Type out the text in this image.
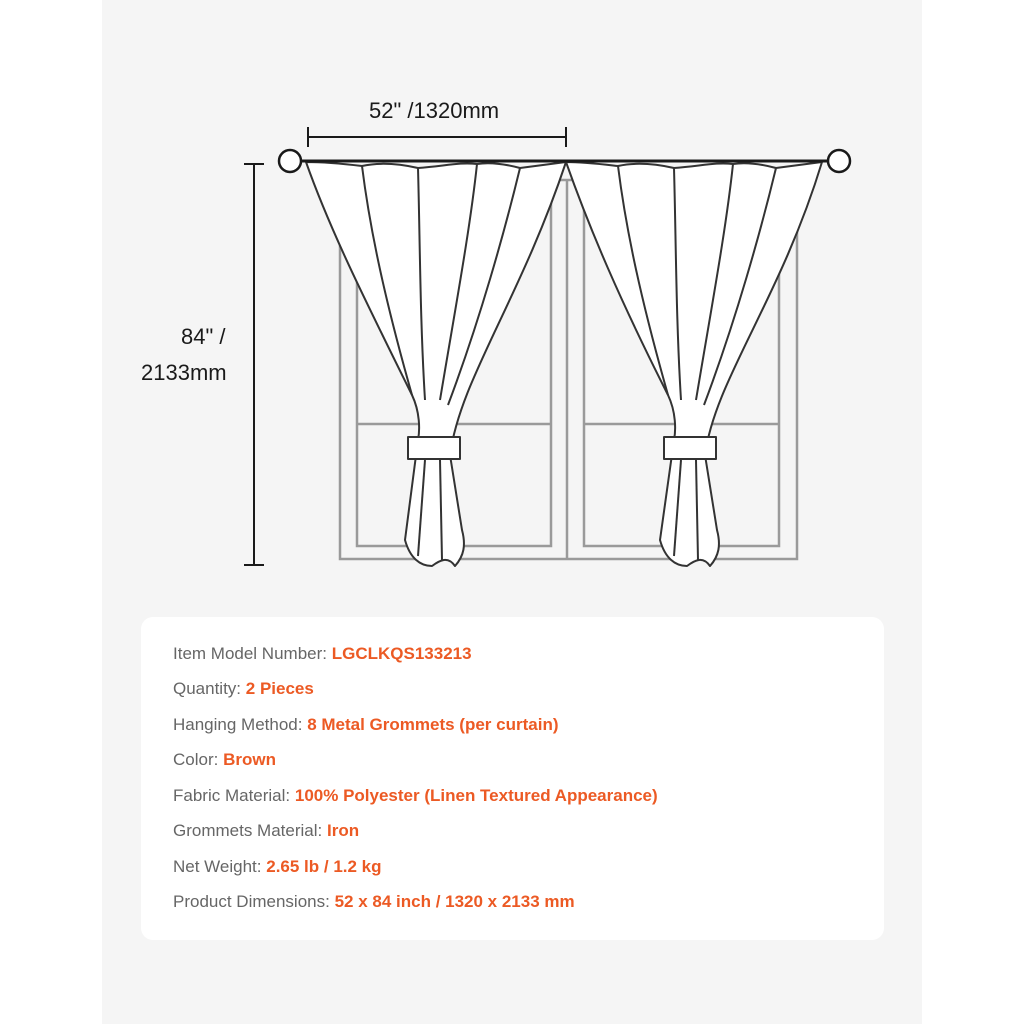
52" /1320mm
84" /
2133mm
Item Model Number: LGCLKQS133213
Quantity: 2 Pieces
Hanging Method: 8 Metal Grommets (per curtain)
Color: Brown
Fabric Material: 100% Polyester (Linen Textured Appearance)
Grommets Material: Iron
Net Weight: 2.65 lb / 1.2 kg
Product Dimensions: 52 x 84 inch / 1320 x 2133 mm
